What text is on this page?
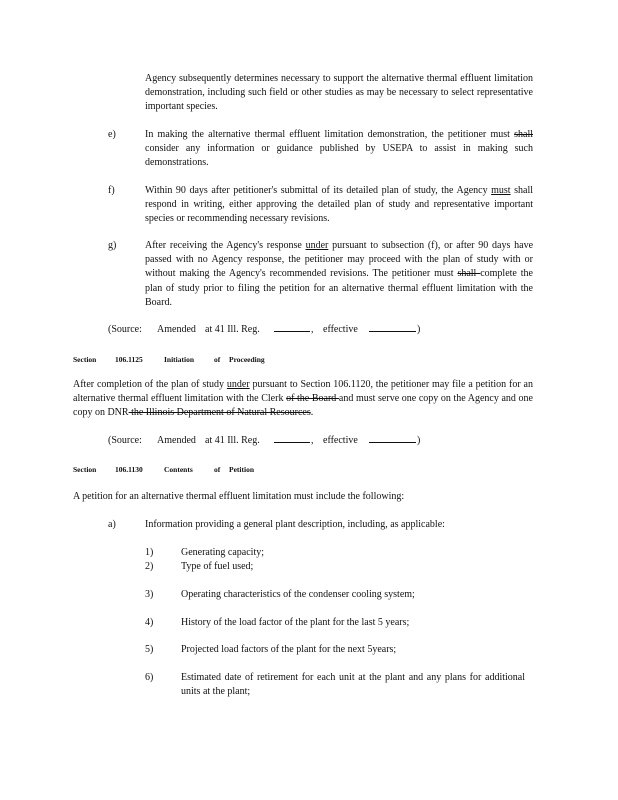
Agency subsequently determines necessary to support the alternative thermal effluent limitation demonstration, including such field or other studies as may be necessary to select representative important species.
e)	In making the alternative thermal effluent limitation demonstration, the petitioner must shall consider any information or guidance published by USEPA to assist in making such demonstrations.
f)	Within 90 days after petitioner's submittal of its detailed plan of study, the Agency must shall respond in writing, either approving the detailed plan of study and representative important species or recommending necessary revisions.
g)	After receiving the Agency's response under pursuant to subsection (f), or after 90 days have passed with no Agency response, the petitioner may proceed with the plan of study with or without making the Agency's recommended revisions. The petitioner must shall complete the plan of study prior to filing the petition for an alternative thermal effluent limitation with the Board.
(Source: Amended at 41 Ill. Reg.	, effective	)
Section 106.1125	Initiation	of Proceeding
After completion of the plan of study under pursuant to Section 106.1120, the petitioner may file a petition for an alternative thermal effluent limitation with the Clerk of the Board and must serve one copy on the Agency and one copy on DNR the Illinois Department of Natural Resources.
(Source: Amended at 41 Ill. Reg.	, effective	)
Section 106.1130	Contents	of Petition
A petition for an alternative thermal effluent limitation must include the following:
a)	Information providing a general plant description, including, as applicable:
1)	Generating capacity;
2)	Type of fuel used;
3)	Operating characteristics of the condenser cooling system;
4)	History of the load factor of the plant for the last 5 years;
5)	Projected load factors of the plant for the next 5years;
6)	Estimated date of retirement for each unit at the plant and any plans for additional units at the plant;
